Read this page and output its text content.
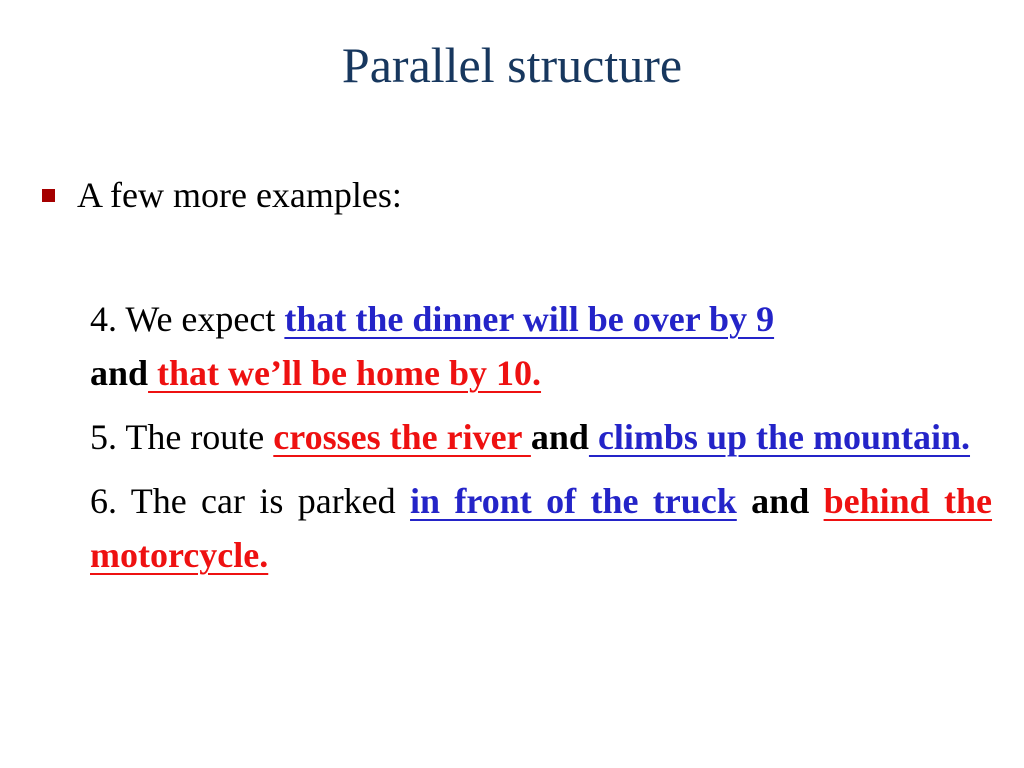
Parallel structure
A few more examples:

4. We expect that the dinner will be over by 9
and that we’ll be home by 10.

5. The route crosses the river and climbs up the mountain.

6. The car is parked in front of the truck and behind the motorcycle.
